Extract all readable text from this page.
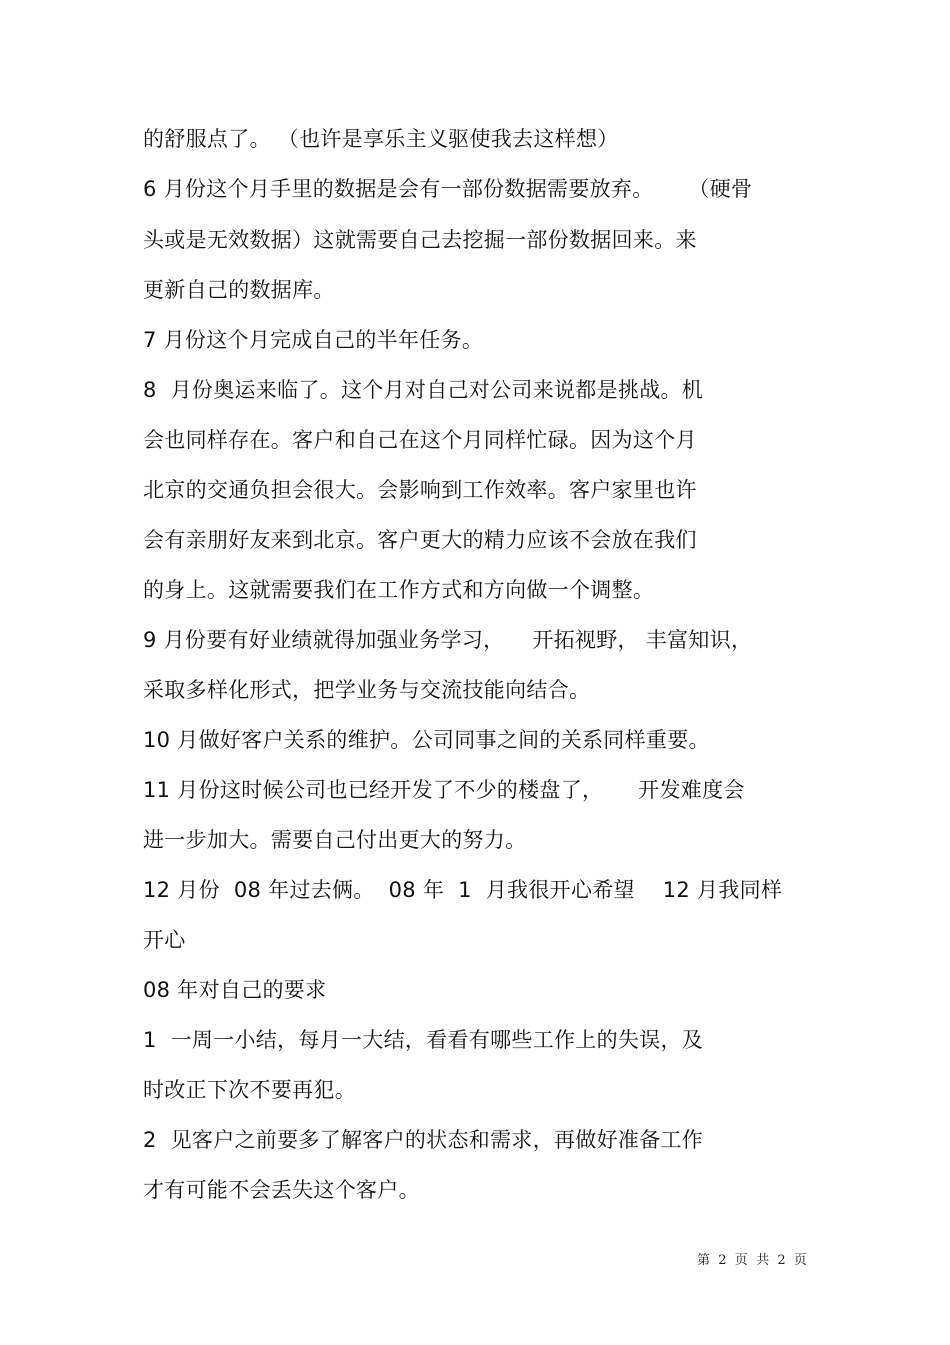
的舒服点了。 （也许是享乐主义驱使我去这样想）
6 月份这个月手里的数据是会有一部份数据需要放弃。     （硬骨
头或是无效数据）这就需要自己去挖掘一部份数据回来。来
更新自己的数据库。
7 月份这个月完成自己的半年任务。
8  月份奥运来临了。这个月对自己对公司来说都是挑战。机
会也同样存在。客户和自己在这个月同样忙碌。因为这个月
北京的交通负担会很大。会影响到工作效率。客户家里也许
会有亲朋好友来到北京。客户更大的精力应该不会放在我们
的身上。这就需要我们在工作方式和方向做一个调整。
9 月份要有好业绩就得加强业务学习，    开拓视野， 丰富知识，
采取多样化形式，把学业务与交流技能向结合。
10 月做好客户关系的维护。公司同事之间的关系同样重要。
11 月份这时候公司也已经开发了不少的楼盘了，     开发难度会
进一步加大。需要自己付出更大的努力。
12 月份  08 年过去俩。  08 年  1  月我很开心希望    12 月我同样
开心
08 年对自己的要求
1  一周一小结，每月一大结，看看有哪些工作上的失误，及
时改正下次不要再犯。
2  见客户之前要多了解客户的状态和需求，再做好准备工作
才有可能不会丢失这个客户。
第  2  页  共  2  页
